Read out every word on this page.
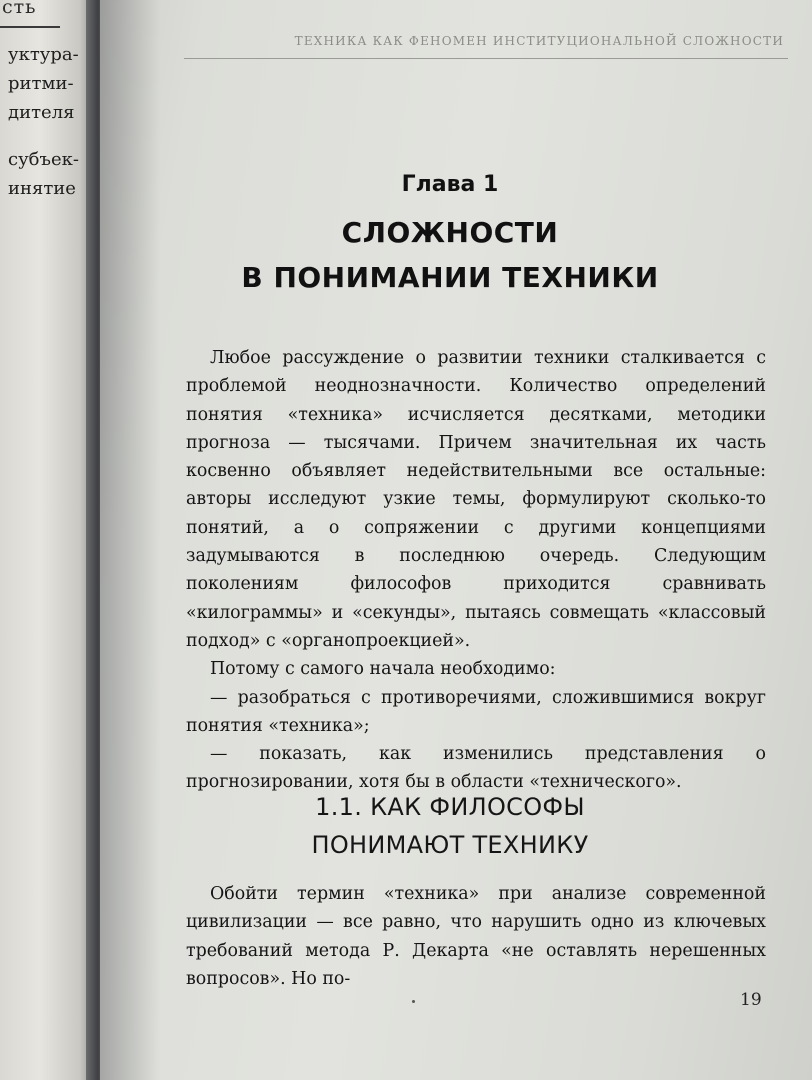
сть
уктура-
ритми-
дителя
субъек-
инятие
ТЕХНИКА КАК ФЕНОМЕН ИНСТИТУЦИОНАЛЬНОЙ СЛОЖНОСТИ
Глава 1
СЛОЖНОСТИ
В ПОНИМАНИИ ТЕХНИКИ

Любое рассуждение о развитии техники сталкивается с проблемой неоднозначности. Количество определений понятия «техника» исчисляется десятками, методики прогноза — тысячами. Причем значительная их часть косвенно объявляет недействительными все остальные: авторы исследуют узкие темы, формулируют сколько-то понятий, а о сопряжении с другими концепциями задумываются в последнюю очередь. Следующим поколениям философов приходится сравнивать «килограммы» и «секунды», пытаясь совмещать «классовый подход» с «органопроекцией».

Потому с самого начала необходимо:

— разобраться с противоречиями, сложившимися вокруг понятия «техника»;

— показать, как изменились представления о прогнозировании, хотя бы в области «технического».

1.1. КАК ФИЛОСОФЫ
ПОНИМАЮТ ТЕХНИКУ

Обойти термин «техника» при анализе современной цивилизации — все равно, что нарушить одно из ключевых требований метода Р. Декарта «не оставлять нерешенных вопросов». Но по-

19
